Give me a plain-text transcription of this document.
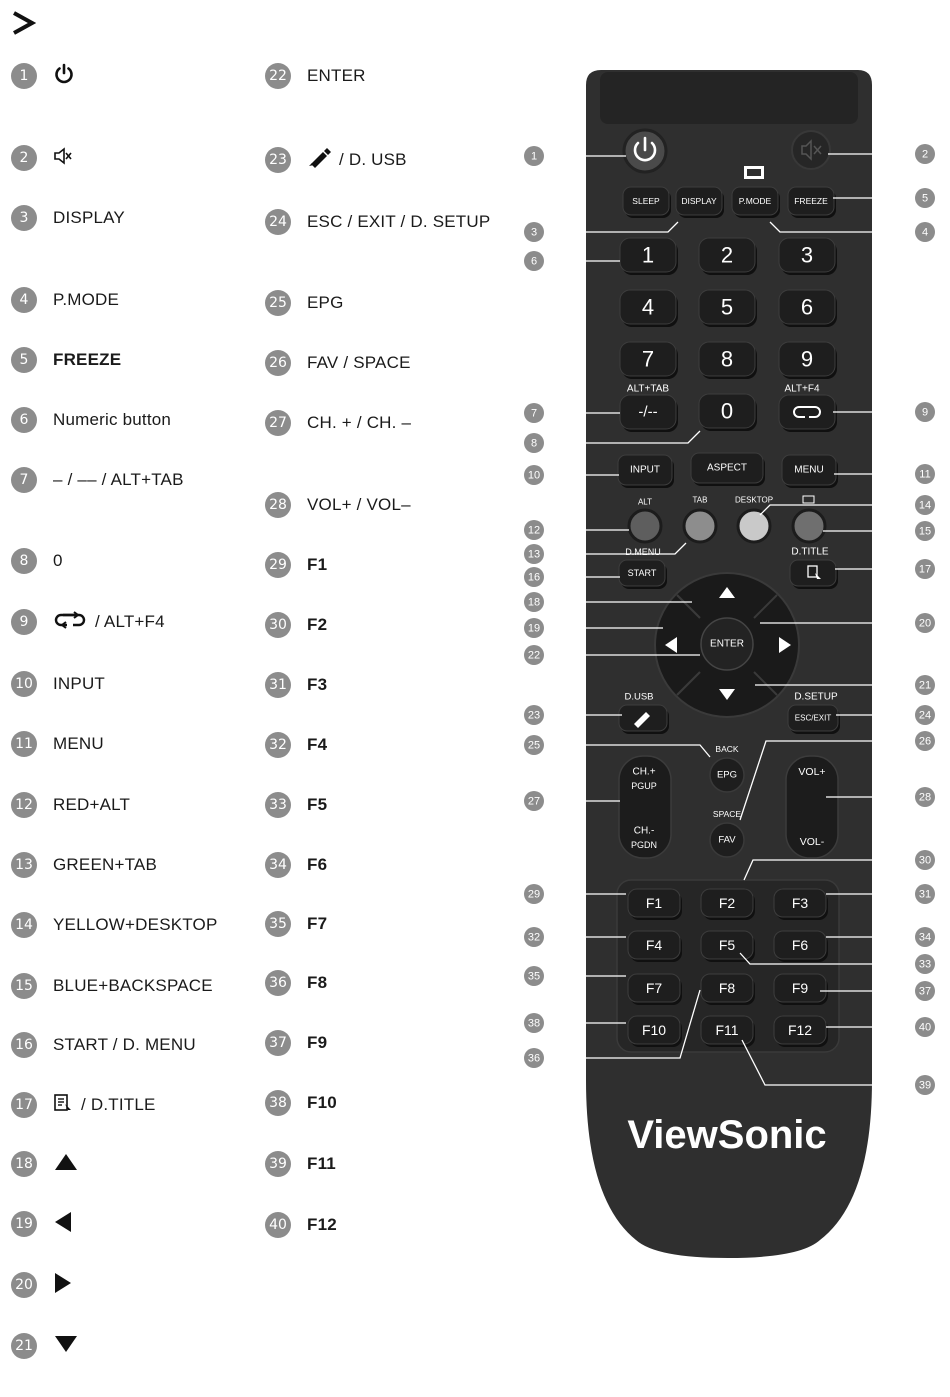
1
2
3	DISPLAY
4	P.MODE
5	FREEZE
6	Numeric button
7	– / –– / ALT+TAB
8	0
9	/ ALT+F4
10 INPUT
11 MENU
12 RED+ALT
13 GREEN+TAB
14 YELLOW+DESKTOP
15 BLUE+BACKSPACE
16 START / D. MENU
17	/ D.TITLE
18
19
20
21
22 ENTER
23	/ D. USB
24 ESC / EXIT / D. SETUP
25 EPG
26 FAV / SPACE
27 CH. + / CH. –
28 VOL+ / VOL–
29 F1
30 F2
31 F3
32 F4
33 F5
34 F6
35 F7
36 F8
37 F9
38 F10
39 F11
40 F12
SLEEP	DISPLAY	P.MODE	FREEZE
1	2	3
4	5	6
7	8	9
ALT+TAB	ALT+F4
-/--	0
INPUT	ASPECT	MENU
ALT	TAB	DESKTOP
D.MENU
START
D.TITLE
ENTER
D.USB	D.SETUP
ESC/EXIT
CH.+
PGUP
CH.-
PGDN
BACK
EPG
SPACE
FAV
VOL+
VOL-
F1	F2	F3
F4	F5	F6
F7	F8	F9
F10	F11	F12
ViewSonic
1
3
6
7
8
10
12
13
16
18
19
22
23
25
27
29
32
35
38
36
2
5
4
9
11
14
15
17
20
21
24
26
28
30
31
34
33
37
40
39
